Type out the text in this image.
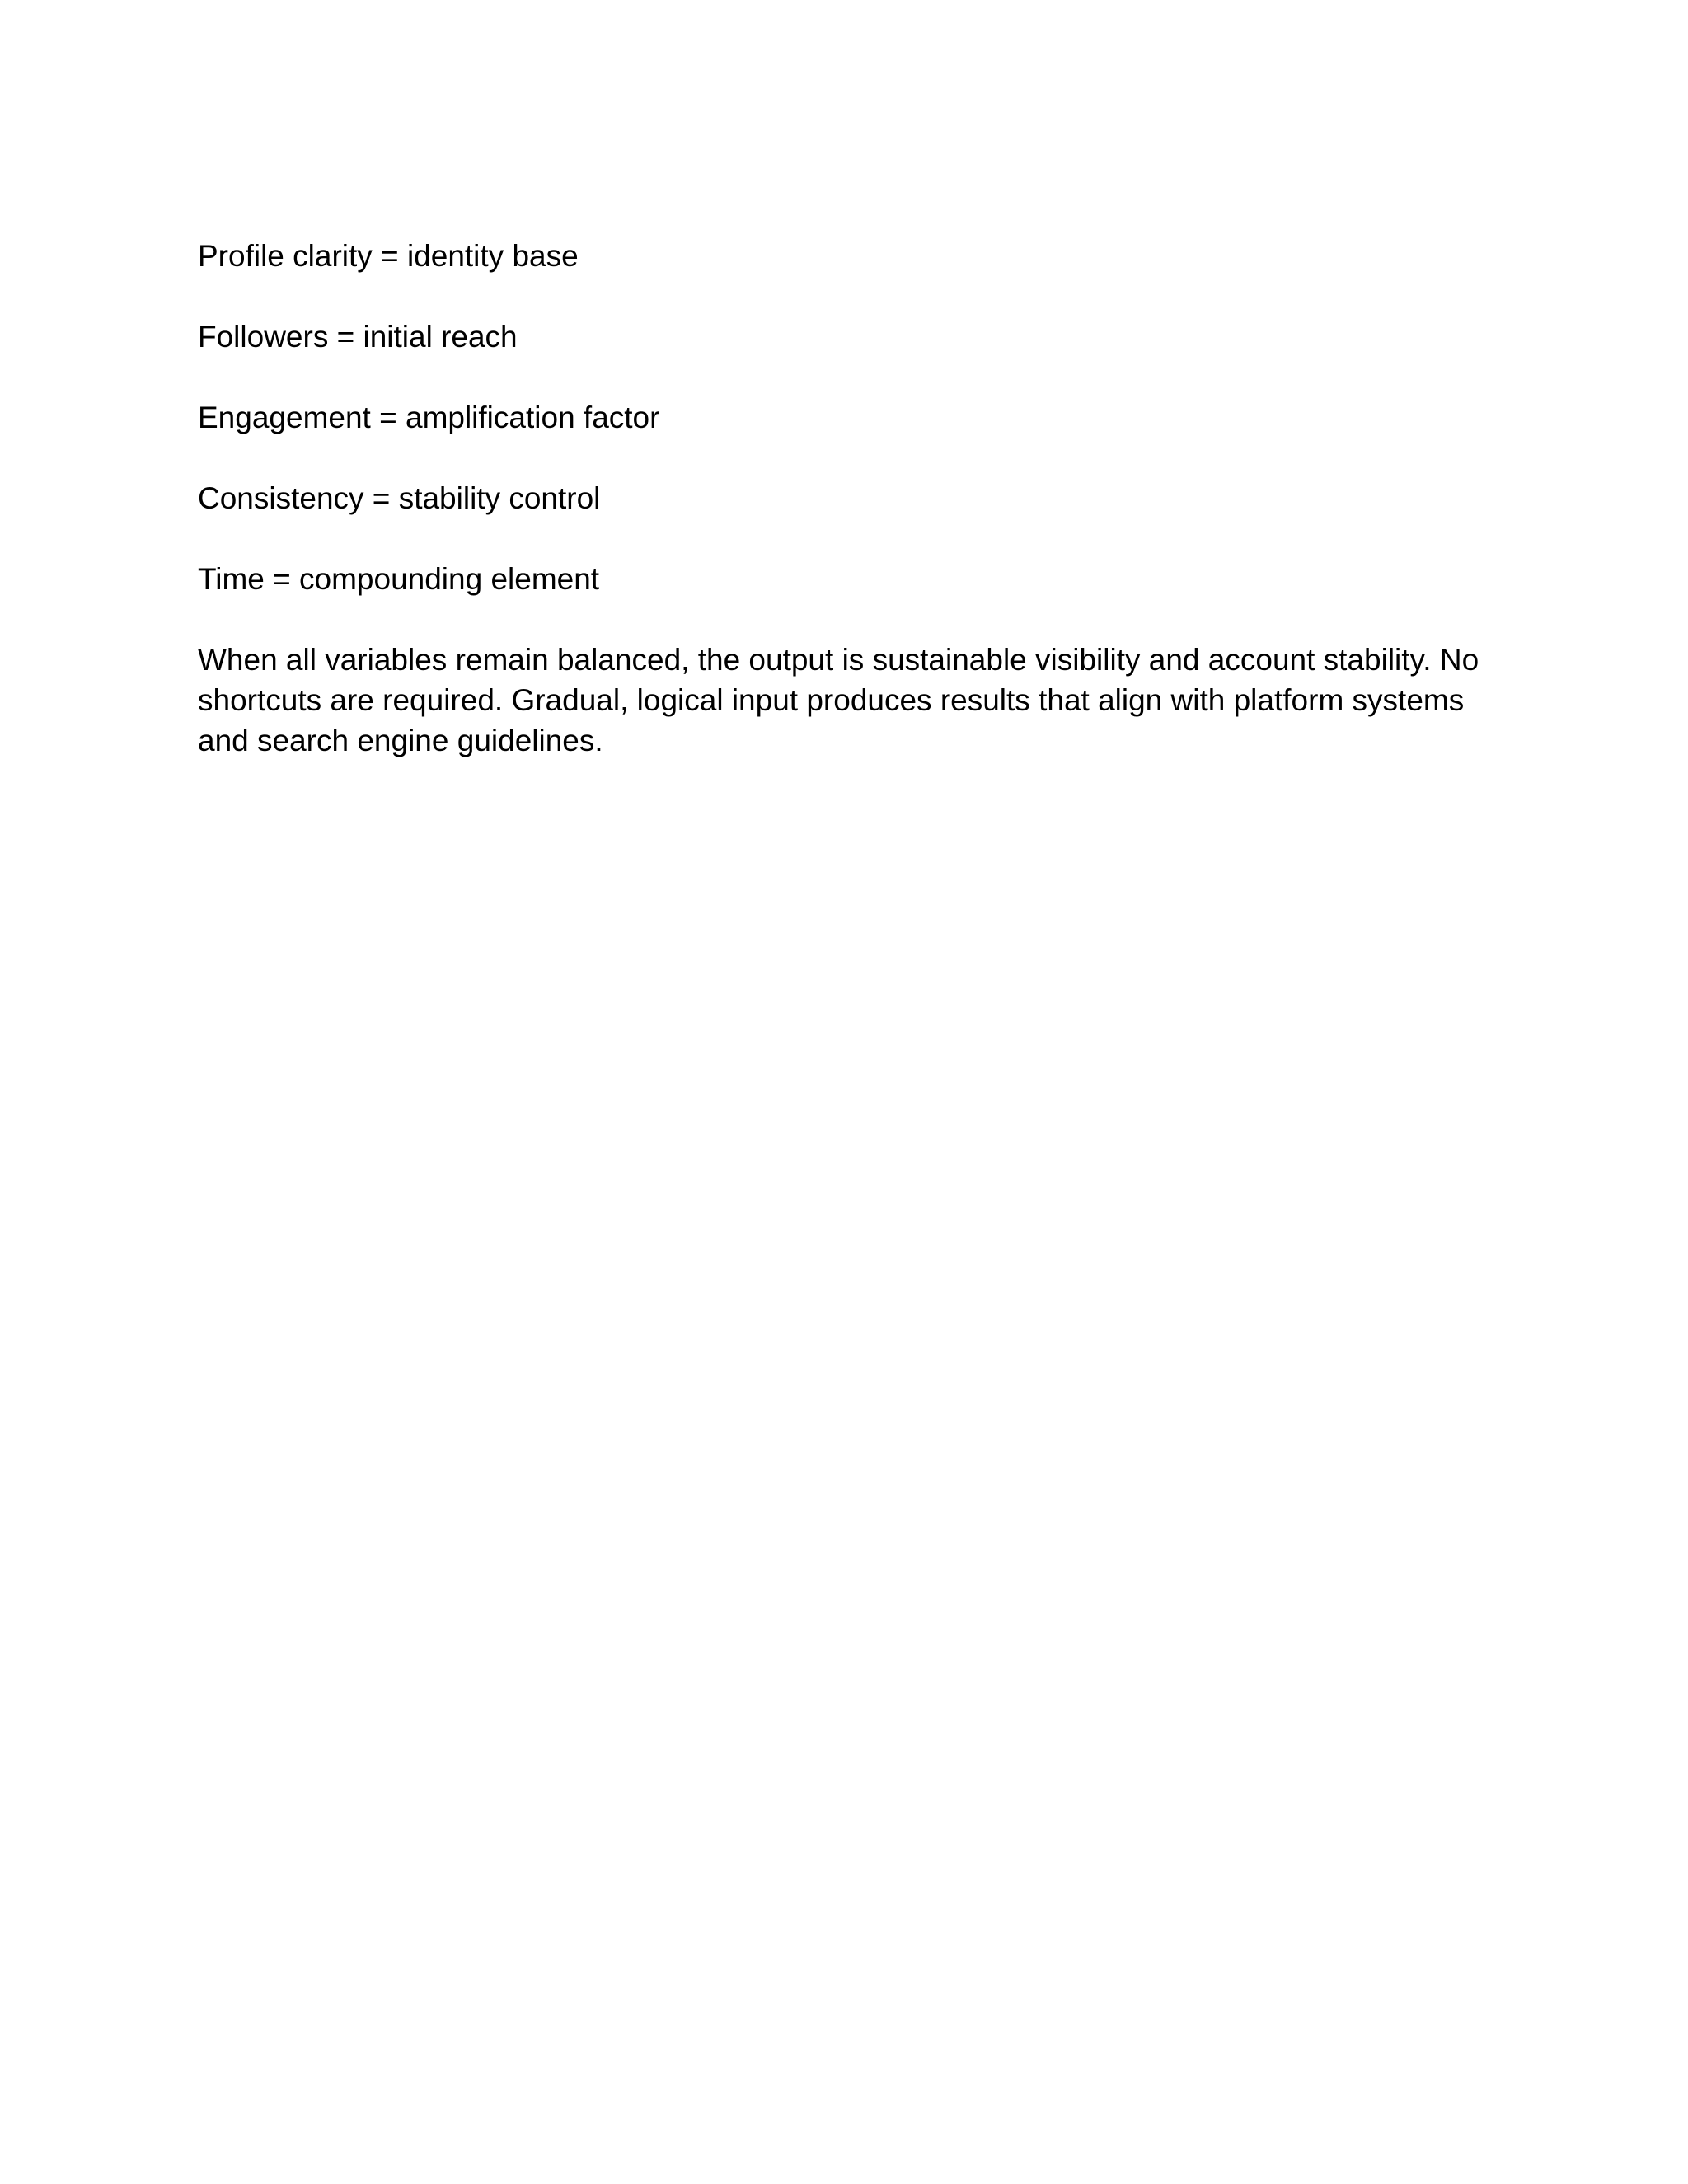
Profile clarity = identity base

Followers = initial reach

Engagement = amplification factor

Consistency = stability control

Time = compounding element

When all variables remain balanced, the output is sustainable visibility and account stability. No shortcuts are required. Gradual, logical input produces results that align with platform systems and search engine guidelines.
